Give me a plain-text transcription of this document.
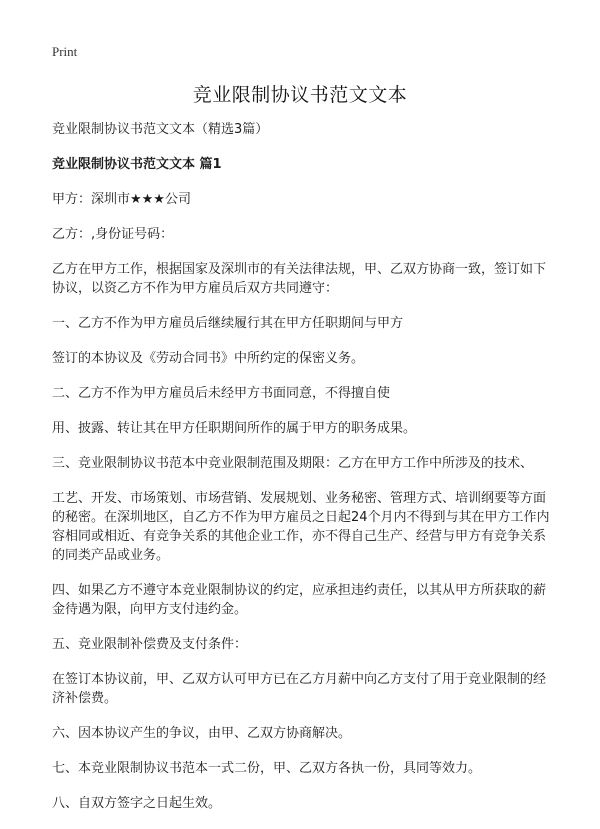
Print
竞业限制协议书范文文本

竞业限制协议书范文文本（精选3篇）

竞业限制协议书范文文本 篇1

甲方：深圳市★★★公司

乙方：,身份证号码：

乙方在甲方工作，根据国家及深圳市的有关法律法规，甲、乙双方协商一致，签订如下协议，以资乙方不作为甲方雇员后双方共同遵守：

一、乙方不作为甲方雇员后继续履行其在甲方任职期间与甲方

签订的本协议及《劳动合同书》中所约定的保密义务。

二、乙方不作为甲方雇员后未经甲方书面同意，不得擅自使

用、披露、转让其在甲方任职期间所作的属于甲方的职务成果。

三、竞业限制协议书范本中竞业限制范围及期限：乙方在甲方工作中所涉及的技术、

工艺、开发、市场策划、市场营销、发展规划、业务秘密、管理方式、培训纲要等方面的秘密。在深圳地区，自乙方不作为甲方雇员之日起24个月内不得到与其在甲方工作内容相同或相近、有竞争关系的其他企业工作，亦不得自己生产、经营与甲方有竞争关系的同类产品或业务。

四、如果乙方不遵守本竞业限制协议的约定，应承担违约责任，以其从甲方所获取的薪金待遇为限，向甲方支付违约金。

五、竞业限制补偿费及支付条件：

在签订本协议前，甲、乙双方认可甲方已在乙方月薪中向乙方支付了用于竞业限制的经济补偿费。

六、因本协议产生的争议，由甲、乙双方协商解决。

七、本竞业限制协议书范本一式二份，甲、乙双方各执一份，具同等效力。

八、自双方签字之日起生效。
